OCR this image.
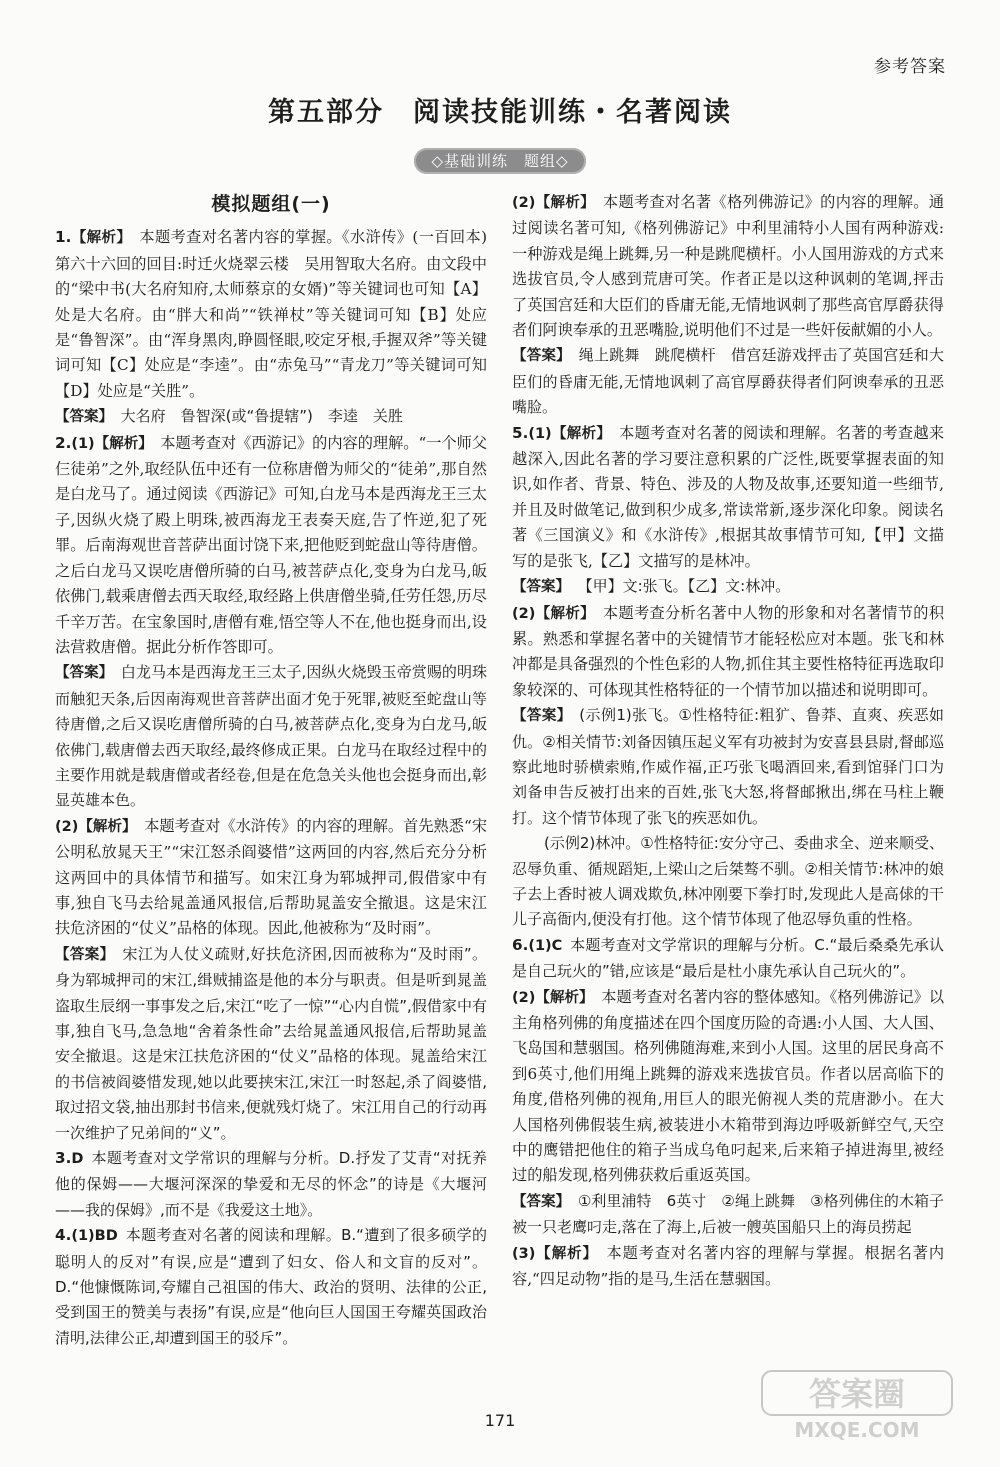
参考答案
第五部分　阅读技能训练・名著阅读
◇基础训练　题组◇
模拟题组(一)

1.【解析】  本题考查对名著内容的掌握。《水浒传》(一百回本)第六十六回的回目:时迁火烧翠云楼　吴用智取大名府。由文段中的“梁中书(大名府知府,太师蔡京的女婿)”等关键词也可知【A】处是大名府。由“胖大和尚”“铁禅杖”等关键词可知【B】处应是“鲁智深”。由“浑身黑肉,睁圆怪眼,咬定牙根,手握双斧”等关键词可知【C】处应是“李逵”。由“赤兔马”“青龙刀”等关键词可知【D】处应是“关胜”。

【答案】  大名府　鲁智深(或“鲁提辖”)　李逵　关胜

2.(1)【解析】  本题考查对《西游记》的内容的理解。“一个师父仨徒弟”之外,取经队伍中还有一位称唐僧为师父的“徒弟”,那自然是白龙马了。通过阅读《西游记》可知,白龙马本是西海龙王三太子,因纵火烧了殿上明珠,被西海龙王表奏天庭,告了忤逆,犯了死罪。后南海观世音菩萨出面讨饶下来,把他贬到蛇盘山等待唐僧。之后白龙马又误吃唐僧所骑的白马,被菩萨点化,变身为白龙马,皈依佛门,载乘唐僧去西天取经,取经路上供唐僧坐骑,任劳任怨,历尽千辛万苦。在宝象国时,唐僧有难,悟空等人不在,他也挺身而出,设法营救唐僧。据此分析作答即可。

【答案】  白龙马本是西海龙王三太子,因纵火烧毁玉帝赏赐的明珠而触犯天条,后因南海观世音菩萨出面才免于死罪,被贬至蛇盘山等待唐僧,之后又误吃唐僧所骑的白马,被菩萨点化,变身为白龙马,皈依佛门,载唐僧去西天取经,最终修成正果。白龙马在取经过程中的主要作用就是载唐僧或者经卷,但是在危急关头他也会挺身而出,彰显英雄本色。

(2)【解析】  本题考查对《水浒传》的内容的理解。首先熟悉“宋公明私放晁天王”“宋江怒杀阎婆惜”这两回的内容,然后充分分析这两回中的具体情节和描写。如宋江身为郓城押司,假借家中有事,独自飞马去给晁盖通风报信,后帮助晁盖安全撤退。这是宋江扶危济困的“仗义”品格的体现。因此,他被称为“及时雨”。

【答案】  宋江为人仗义疏财,好扶危济困,因而被称为“及时雨”。身为郓城押司的宋江,缉贼捕盗是他的本分与职责。但是听到晁盖盗取生辰纲一事事发之后,宋江“吃了一惊”“心内自慌”,假借家中有事,独自飞马,急急地“舍着条性命”去给晁盖通风报信,后帮助晁盖安全撤退。这是宋江扶危济困的“仗义”品格的体现。晁盖给宋江的书信被阎婆惜发现,她以此要挟宋江,宋江一时怒起,杀了阎婆惜,取过招文袋,抽出那封书信来,便就残灯烧了。宋江用自己的行动再一次维护了兄弟间的“义”。

3.D  本题考查对文学常识的理解与分析。D.抒发了艾青“对抚养他的保姆——大堰河深深的挚爱和无尽的怀念”的诗是《大堰河——我的保姆》,而不是《我爱这土地》。

4.(1)BD  本题考查对名著的阅读和理解。B.“遭到了很多硕学的聪明人的反对”有误,应是“遭到了妇女、俗人和文盲的反对”。D.“他慷慨陈词,夸耀自己祖国的伟大、政治的贤明、法律的公正,受到国王的赞美与表扬”有误,应是“他向巨人国国王夸耀英国政治清明,法律公正,却遭到国王的驳斥”。

(2)【解析】  本题考查对名著《格列佛游记》的内容的理解。通过阅读名著可知,《格列佛游记》中利里浦特小人国有两种游戏:一种游戏是绳上跳舞,另一种是跳爬横杆。小人国用游戏的方式来选拔官员,令人感到荒唐可笑。作者正是以这种讽刺的笔调,抨击了英国宫廷和大臣们的昏庸无能,无情地讽刺了那些高官厚爵获得者们阿谀奉承的丑恶嘴脸,说明他们不过是一些奸佞献媚的小人。

【答案】  绳上跳舞　跳爬横杆　借宫廷游戏抨击了英国宫廷和大臣们的昏庸无能,无情地讽刺了高官厚爵获得者们阿谀奉承的丑恶嘴脸。

5.(1)【解析】  本题考查对名著的阅读和理解。名著的考查越来越深入,因此名著的学习要注意积累的广泛性,既要掌握表面的知识,如作者、背景、特色、涉及的人物及故事,还要知道一些细节,并且及时做笔记,做到积少成多,常读常新,逐步深化印象。阅读名著《三国演义》和《水浒传》,根据其故事情节可知,【甲】文描写的是张飞,【乙】文描写的是林冲。

【答案】  【甲】文:张飞。【乙】文:林冲。

(2)【解析】  本题考查分析名著中人物的形象和对名著情节的积累。熟悉和掌握名著中的关键情节才能轻松应对本题。张飞和林冲都是具备强烈的个性色彩的人物,抓住其主要性格特征再选取印象较深的、可体现其性格特征的一个情节加以描述和说明即可。

【答案】  (示例1)张飞。①性格特征:粗犷、鲁莽、直爽、疾恶如仇。②相关情节:刘备因镇压起义军有功被封为安喜县县尉,督邮巡察此地时骄横索贿,作威作福,正巧张飞喝酒回来,看到馆驿门口为刘备申告反被打出来的百姓,张飞大怒,将督邮揪出,绑在马柱上鞭打。这个情节体现了张飞的疾恶如仇。

(示例2)林冲。①性格特征:安分守己、委曲求全、逆来顺受、忍辱负重、循规蹈矩,上梁山之后桀骜不驯。②相关情节:林冲的娘子去上香时被人调戏欺负,林冲刚要下拳打时,发现此人是高俅的干儿子高衙内,便没有打他。这个情节体现了他忍辱负重的性格。

6.(1)C  本题考查对文学常识的理解与分析。C.“最后桑桑先承认是自己玩火的”错,应该是“最后是杜小康先承认自己玩火的”。

(2)【解析】  本题考查对名著内容的整体感知。《格列佛游记》以主角格列佛的角度描述在四个国度历险的奇遇:小人国、大人国、飞岛国和慧骃国。格列佛随海难,来到小人国。这里的居民身高不到6英寸,他们用绳上跳舞的游戏来选拔官员。作者以居高临下的角度,借格列佛的视角,用巨人的眼光俯视人类的荒唐渺小。在大人国格列佛假装生病,被装进小木箱带到海边呼吸新鲜空气,天空中的鹰错把他住的箱子当成乌龟叼起来,后来箱子掉进海里,被经过的船发现,格列佛获救后重返英国。

【答案】  ①利里浦特　6英寸　②绳上跳舞　③格列佛住的木箱子被一只老鹰叼走,落在了海上,后被一艘英国船只上的海员捞起

(3)【解析】  本题考查对名著内容的理解与掌握。根据名著内容,“四足动物”指的是马,生活在慧骃国。

171
答案圈
MXQE.COM
